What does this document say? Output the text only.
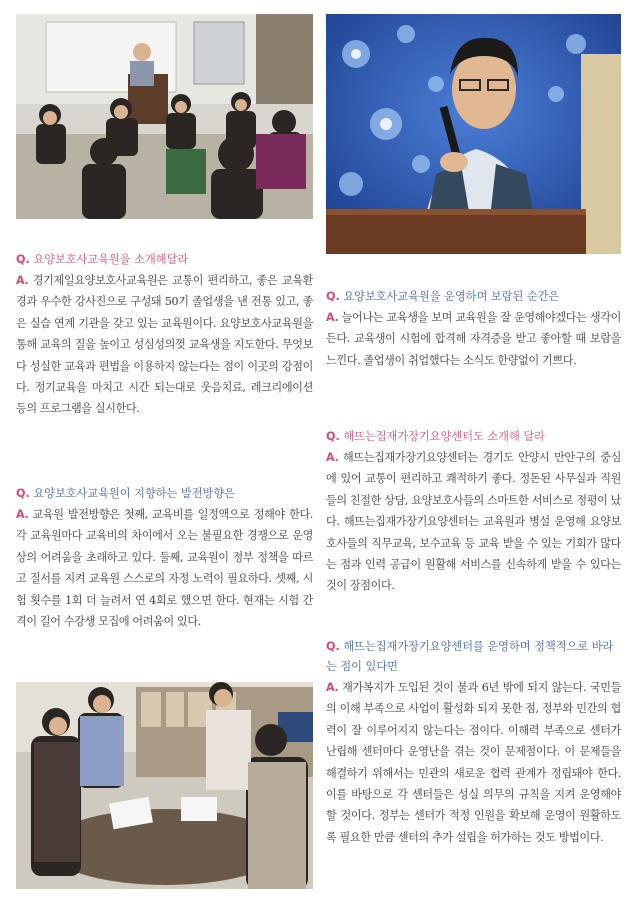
Q. 요양보호사교육원을 소개해달라

A. 경기제일요양보호사교육원은 교통이 편리하고, 좋은 교육환경과 우수한 강사진으로 구성돼 50기 졸업생을 낸 전통 있고, 좋은 실습 연계 기관을 갖고 있는 교육원이다. 요양보호사교육원을 통해 교육의 질을 높이고 성심성의껏 교육생을 지도한다. 무엇보다 성실한 교육과 편법을 이용하지 않는다는 점이 이곳의 강점이다. 정기교육을 마치고 시간 되는대로 웃음치료, 레크리에이션 등의 프로그램을 실시한다.

Q. 요양보호사교육원이 지향하는 발전방향은

A. 교육원 발전방향은 첫째, 교육비를 일정액으로 정해야 한다. 각 교육원마다 교육비의 차이에서 오는 불필요한 경쟁으로 운영상의 어려움을 초래하고 있다. 둘째, 교육원이 정부 정책을 따르고 질서를 지켜 교육원 스스로의 자정 노력이 필요하다. 셋째, 시험 횟수를 1회 더 늘려서 연 4회로 했으면 한다. 현재는 시험 간격이 길어 수강생 모집에 어려움이 있다.

Q. 요양보호사교육원을 운영하며 보람된 순간은

A. 늘어나는 교육생을 보며 교육원을 잘 운영해야겠다는 생각이 든다. 교육생이 시험에 합격해 자격증을 받고 좋아할 때 보람을 느낀다. 졸업생이 취업했다는 소식도 한량없이 기쁘다.

Q. 해뜨는집재가장기요양센터도 소개해 달라

A. 해뜨는집재가장기요양센터는 경기도 안양시 만안구의 중심에 있어 교통이 편리하고 쾌적하기 좋다. 정돈된 사무실과 직원들의 친절한 상담, 요양보호사들의 스마트한 서비스로 정평이 났다. 해뜨는집재가장기요양센터는 교육원과 병설 운영해 요양보호사들의 직무교육, 보수교육 등 교육 받을 수 있는 기회가 많다는 점과 인력 공급이 원활해 서비스를 신속하게 받을 수 있다는 것이 장점이다.

Q. 해뜨는집재가장기요양센터를 운영하며 정책적으로 바라는 점이 있다면

A. 재가복지가 도입된 것이 불과 6년 밖에 되지 않는다. 국민들의 이해 부족으로 사업이 활성화 되지 못한 점, 정부와 민간의 협력이 잘 이루어지지 않는다는 점이다. 이해력 부족으로 센터가 난립해 센터마다 운영난을 겪는 것이 문제점이다. 이 문제들을 해결하기 위해서는 민관의 새로운 협력 관계가 정립돼야 한다. 이를 바탕으로 각 센터들은 성실 의무의 규칙을 지켜 운영해야 할 것이다. 정부는 센터가 적정 인원을 확보해 운영이 원활하도록 필요한 만큼 센터의 추가 설립을 허가하는 것도 방법이다.
